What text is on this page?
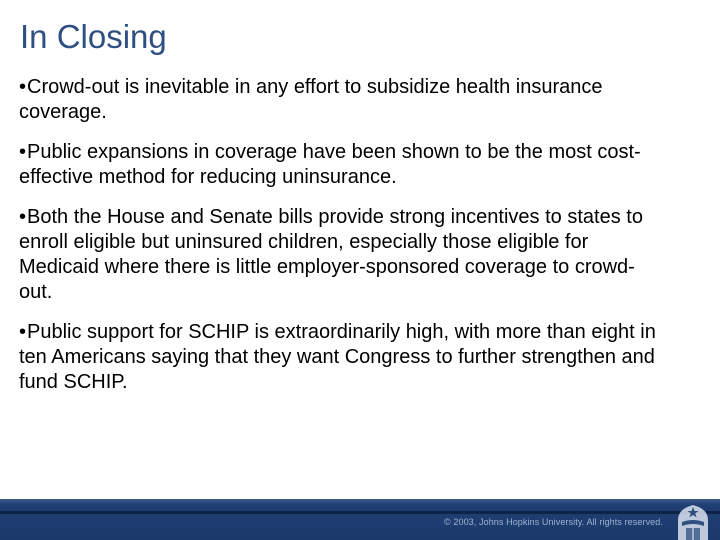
In Closing
•Crowd-out is inevitable in any effort to subsidize health insurance coverage.
•Public expansions in coverage have been shown to be the most cost-effective method for reducing uninsurance.
•Both the House and Senate bills provide strong incentives to states to enroll eligible but uninsured children, especially those eligible for Medicaid where there is little employer-sponsored coverage to crowd-out.
•Public support for SCHIP is extraordinarily high, with more than eight in ten Americans saying that they want Congress to further strengthen and fund SCHIP.
© 2003, Johns Hopkins University. All rights reserved.
